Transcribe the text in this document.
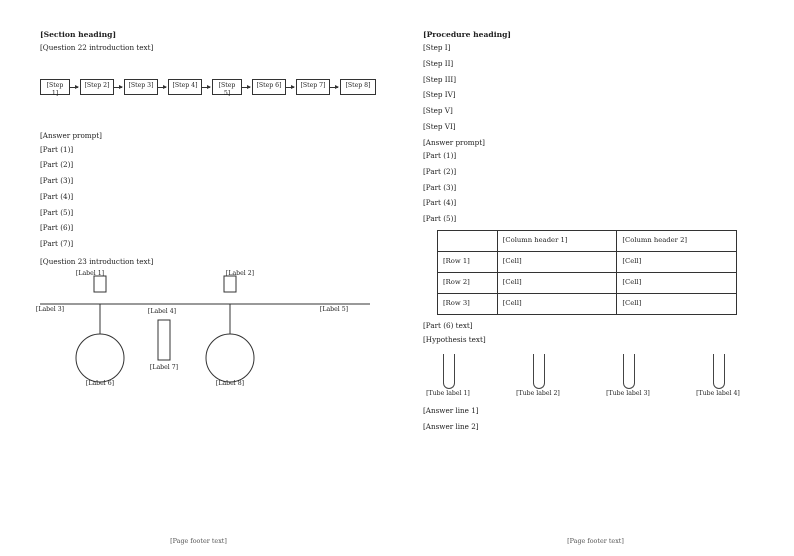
[Section heading]

[Question 22 introduction text]

[Step 1]
[Step 2]	[Step 3]	[Step 4]	[Step 5]
[Step 6]	[Step 7]	[Step 8]

[Answer prompt]

[Part (1)]
[Part (2)]
[Part (3)]
[Part (4)]
[Part (5)]
[Part (6)]
[Part (7)]

[Question 23 introduction text]

[Label 1]	[Label 2]
[Label 3]	[Label 4]	[Label 5]
[Label 6]
[Label 7]
[Label 8]
[Page footer text]
[Procedure heading]
[Step I]
[Step II]
[Step III]
[Step IV]
[Step V]
[Step VI]

[Answer prompt]

[Part (1)]
[Part (2)]
[Part (3)]
[Part (4)]
[Part (5)]
	[Column header 1]	[Column header 2]
[Row 1]	[Cell]	[Cell]
[Row 2]	[Cell]	[Cell]
[Row 3]	[Cell]	[Cell]

[Part (6) text]

[Hypothesis text]

[Tube label 1]	[Tube label 2]	[Tube label 3]	[Tube label 4]
[Answer line 1]
[Answer line 2]
[Page footer text]
